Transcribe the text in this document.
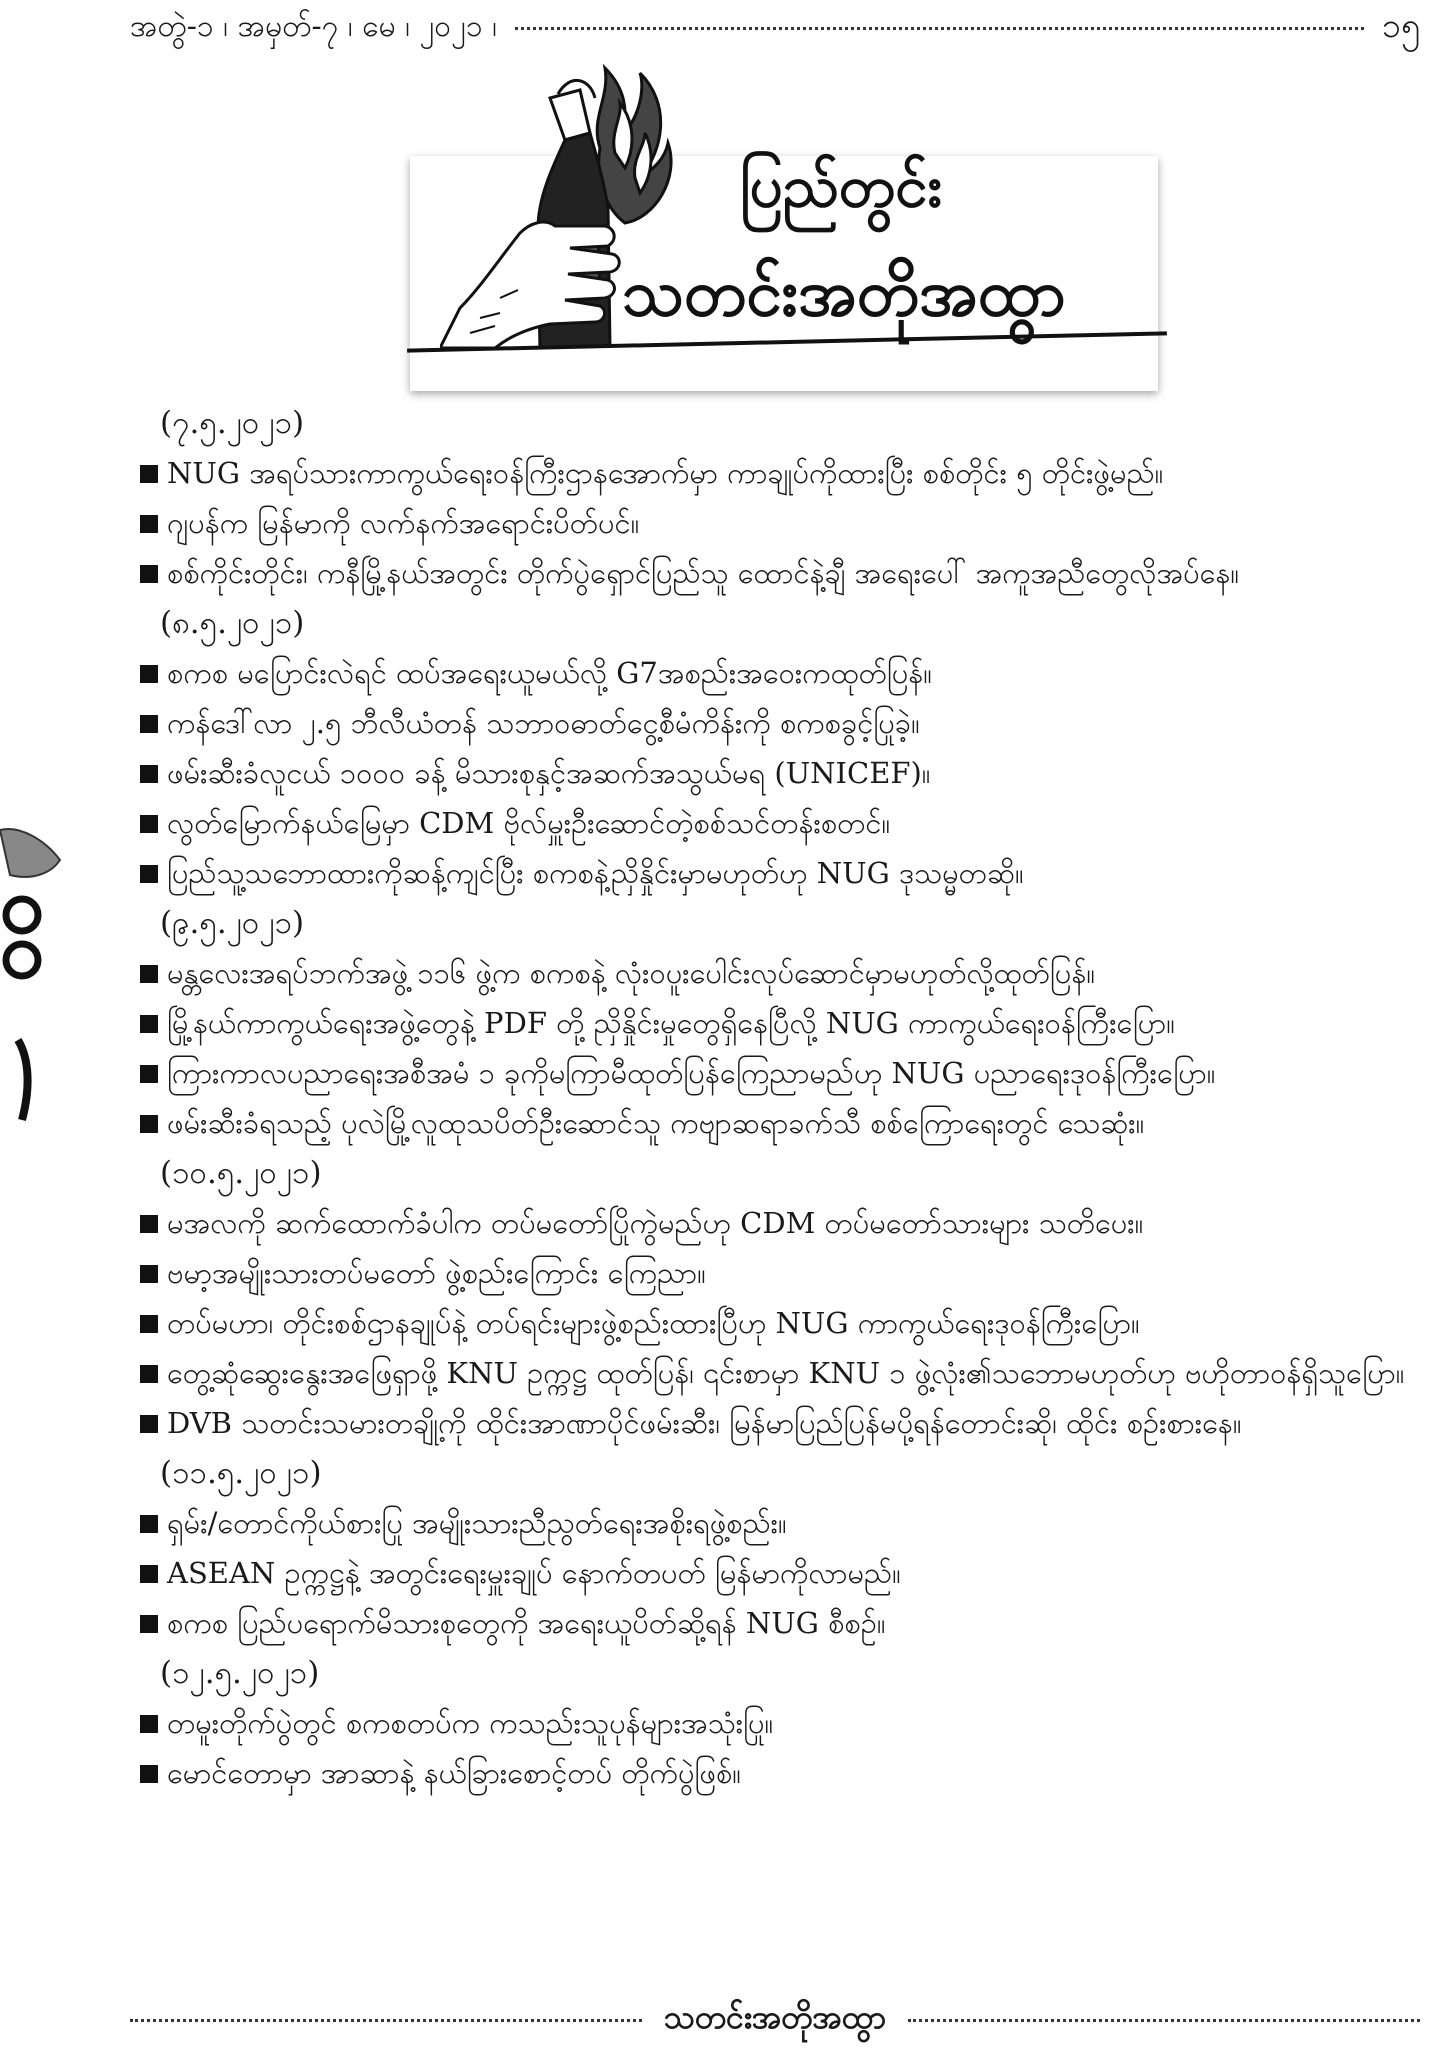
အတွဲ-၁ ၊ အမှတ်-၇ ၊ မေ ၊ ၂၀၂၁ ၊	၁၅
ပြည်တွင်း
သတင်းအတိုအထွာ
(၇.၅.၂၀၂၁)
NUG အရပ်သားကာကွယ်ရေးဝန်ကြီးဌာနအောက်မှာ ကာချုပ်ကိုထားပြီး စစ်တိုင်း ၅ တိုင်းဖွဲ့မည်။
ဂျပန်က မြန်မာကို လက်နက်အရောင်းပိတ်ပင်။
စစ်ကိုင်းတိုင်း၊ ကနီမြို့နယ်အတွင်း တိုက်ပွဲရှောင်ပြည်သူ ထောင်နဲ့ချီ အရေးပေါ် အကူအညီတွေလိုအပ်နေ။
(၈.၅.၂၀၂၁)
စကစ မပြောင်းလဲရင် ထပ်အရေးယူမယ်လို့ G7အစည်းအဝေးကထုတ်ပြန်။
ကန်ဒေါ်လာ ၂.၅ ဘီလီယံတန် သဘာဝဓာတ်ငွေ့စီမံကိန်းကို စကစခွင့်ပြုခဲ့။
ဖမ်းဆီးခံလူငယ် ၁၀၀၀ ခန့် မိသားစုနှင့်အဆက်အသွယ်မရ (UNICEF)။
လွတ်မြောက်နယ်မြေမှာ CDM ဗိုလ်မှူးဦးဆောင်တဲ့စစ်သင်တန်းစတင်။
ပြည်သူ့သဘောထားကိုဆန့်ကျင်ပြီး စကစနဲ့ညှိနှိုင်းမှာမဟုတ်ဟု NUG ဒုသမ္မတဆို။
(၉.၅.၂၀၂၁)
မန္တလေးအရပ်ဘက်အဖွဲ့ ၁၁၆ ဖွဲ့က စကစနဲ့ လုံးဝပူးပေါင်းလုပ်ဆောင်မှာမဟုတ်လို့ထုတ်ပြန်။
မြို့နယ်ကာကွယ်ရေးအဖွဲ့တွေနဲ့ PDF တို့ ညှိနှိုင်းမှုတွေရှိနေပြီလို့ NUG ကာကွယ်ရေးဝန်ကြီးပြော။
ကြားကာလပညာရေးအစီအမံ ၁ ခုကိုမကြာမီထုတ်ပြန်ကြေညာမည်ဟု NUG ပညာရေးဒုဝန်ကြီးပြော။
ဖမ်းဆီးခံရသည့် ပုလဲမြို့လူထုသပိတ်ဦးဆောင်သူ ကဗျာဆရာခက်သီ စစ်ကြောရေးတွင် သေဆုံး။
(၁၀.၅.၂၀၂၁)
မအလကို ဆက်ထောက်ခံပါက တပ်မတော်ပြိုကွဲမည်ဟု CDM တပ်မတော်သားများ သတိပေး။
ဗမာ့အမျိုးသားတပ်မတော် ဖွဲ့စည်းကြောင်း ကြေညာ။
တပ်မဟာ၊ တိုင်းစစ်ဌာနချုပ်နဲ့ တပ်ရင်းများဖွဲ့စည်းထားပြီဟု NUG ကာကွယ်ရေးဒုဝန်ကြီးပြော။
တွေ့ဆုံဆွေးနွေးအဖြေရှာဖို့ KNU ဥက္ကဋ္ဌ ထုတ်ပြန်၊ ၎င်းစာမှာ KNU ၁ ဖွဲ့လုံး၏သဘောမဟုတ်ဟု ဗဟိုတာဝန်ရှိသူပြော။
DVB သတင်းသမားတချို့ကို ထိုင်းအာဏာပိုင်ဖမ်းဆီး၊ မြန်မာပြည်ပြန်မပို့ရန်တောင်းဆို၊ ထိုင်း စဉ်းစားနေ။
(၁၁.၅.၂၀၂၁)
ရှမ်း/တောင်ကိုယ်စားပြု အမျိုးသားညီညွတ်ရေးအစိုးရဖွဲ့စည်း။
ASEAN ဥက္ကဋ္ဌနဲ့ အတွင်းရေးမှူးချုပ် နောက်တပတ် မြန်မာကိုလာမည်။
စကစ ပြည်ပရောက်မိသားစုတွေကို အရေးယူပိတ်ဆို့ရန် NUG စီစဉ်။
(၁၂.၅.၂၀၂၁)
တမူးတိုက်ပွဲတွင် စကစတပ်က ကသည်းသူပုန်များအသုံးပြု။
မောင်တောမှာ အာဆာနဲ့ နယ်ခြားစောင့်တပ် တိုက်ပွဲဖြစ်။
သတင်းအတိုအထွာ
